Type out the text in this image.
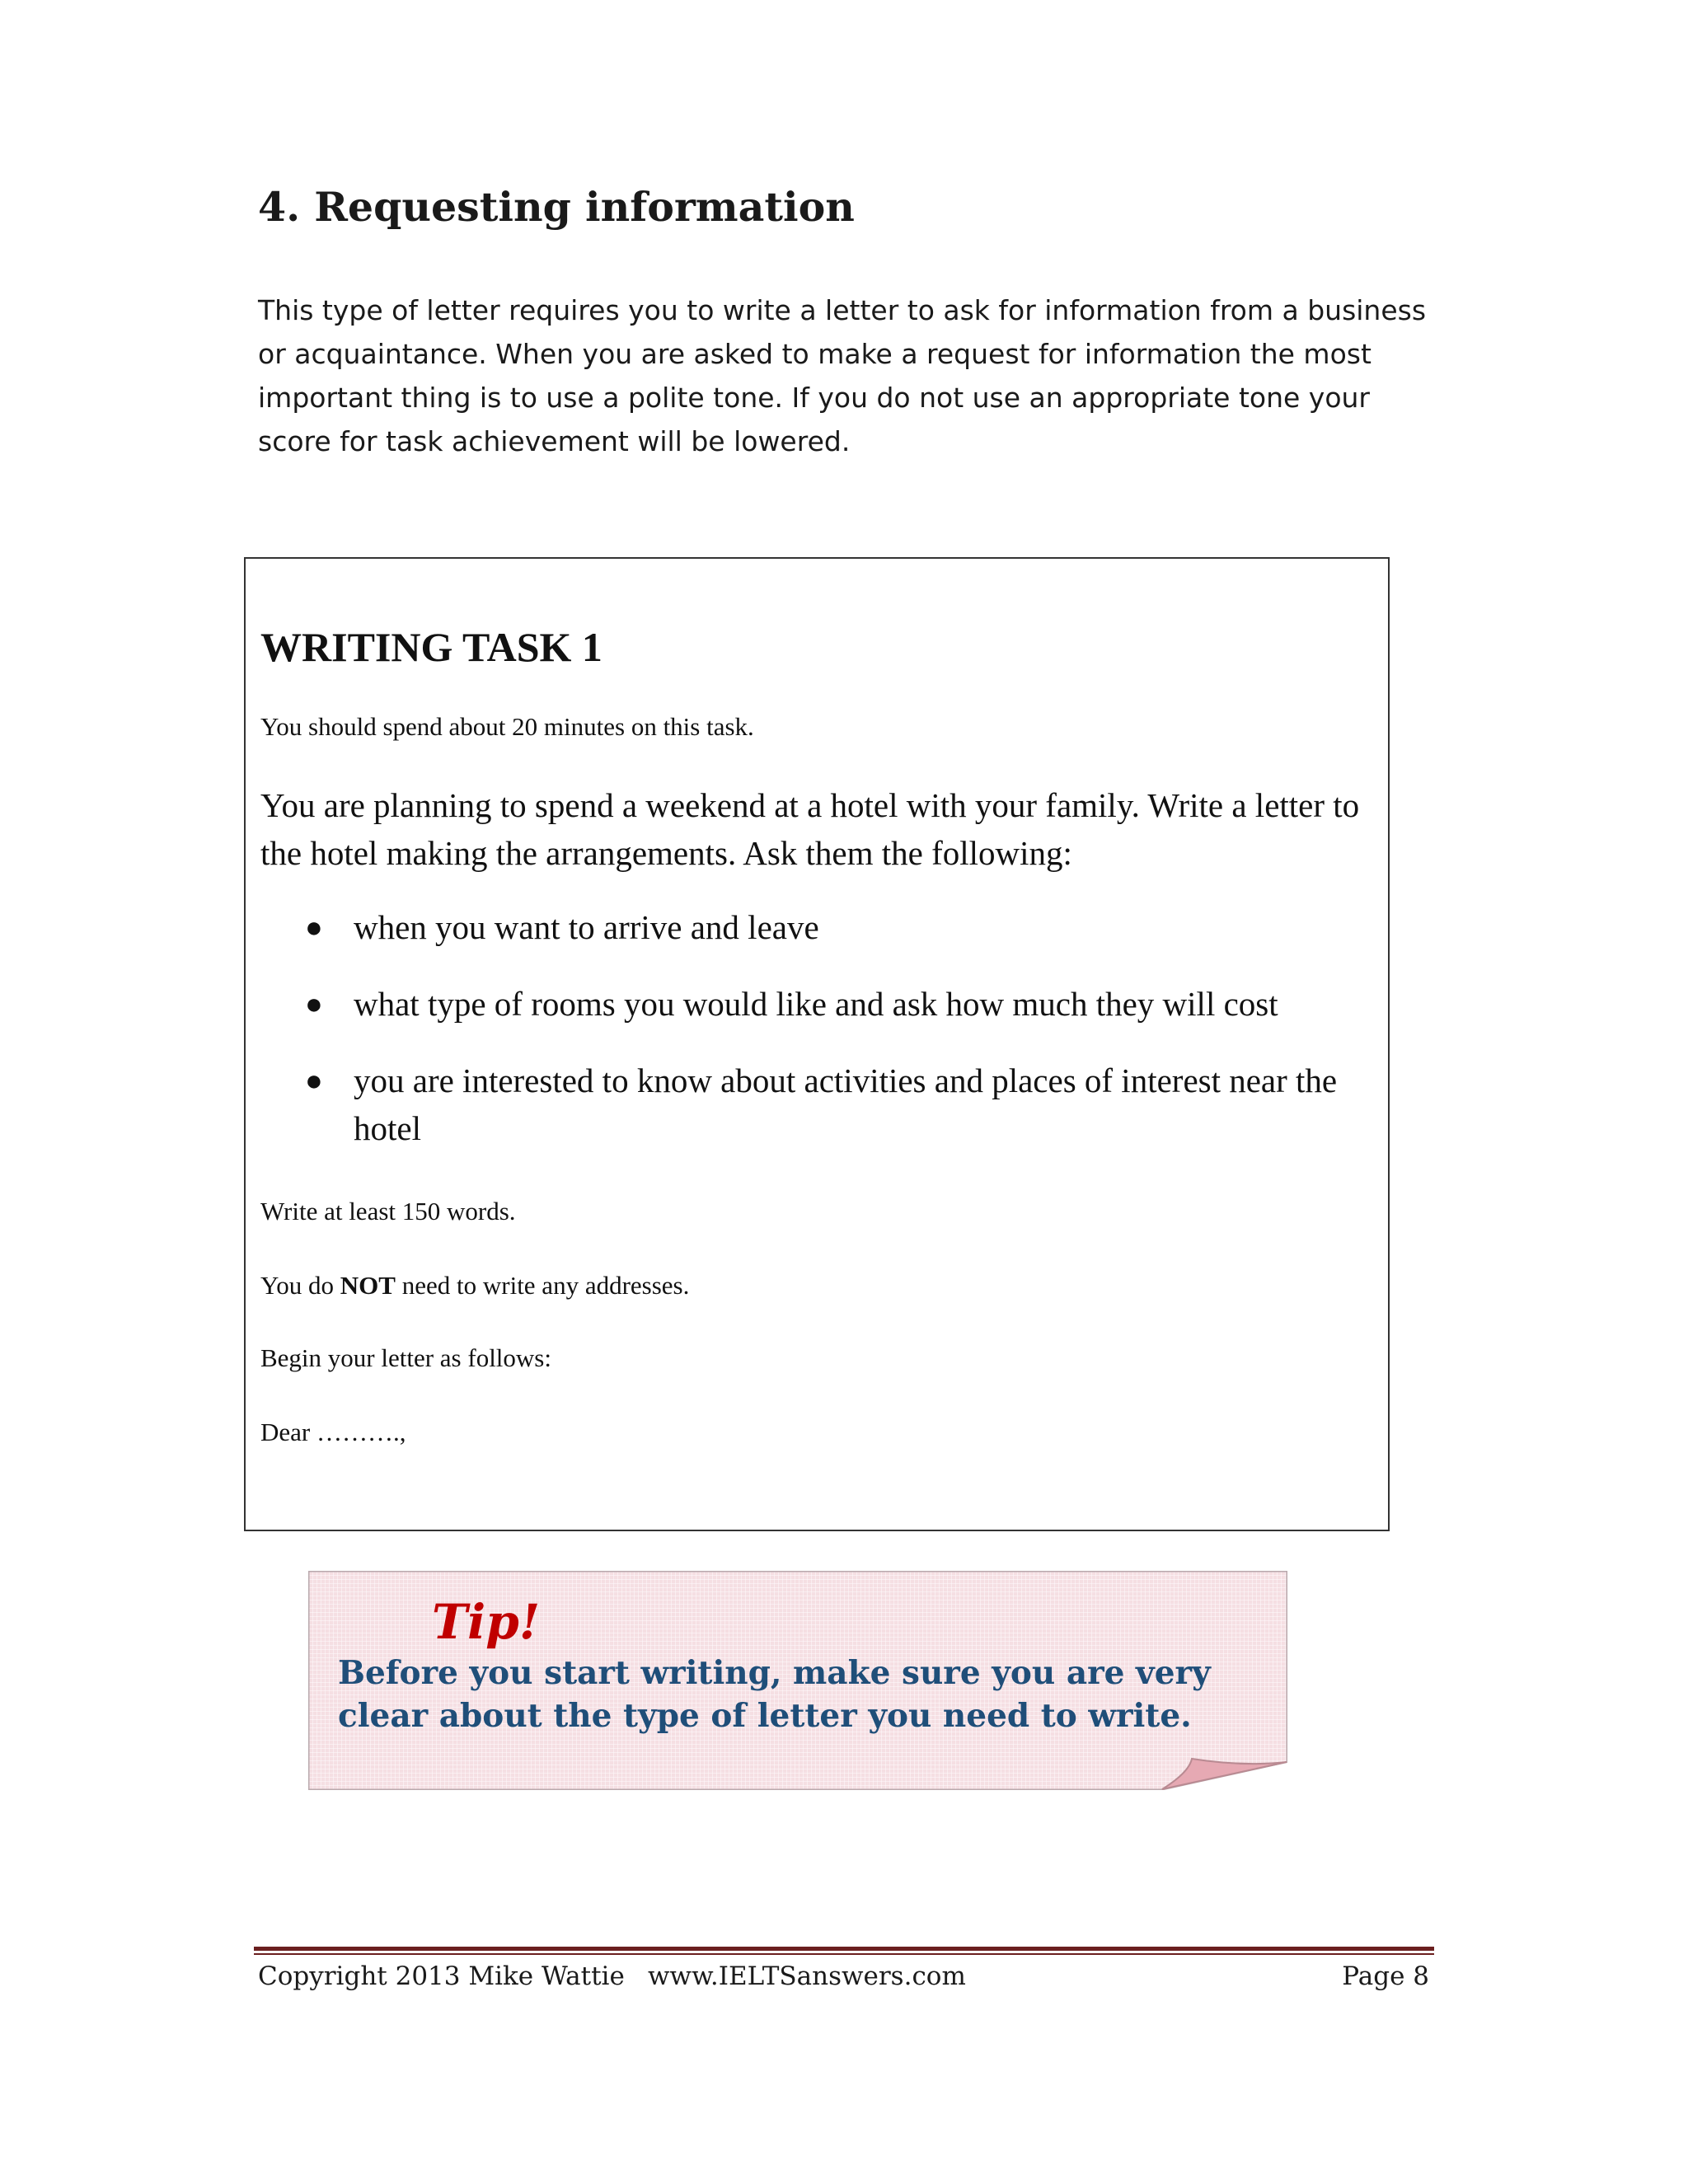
4. Requesting information

This type of letter requires you to write a letter to ask for information from a business or acquaintance. When you are asked to make a request for information the most important thing is to use a polite tone. If you do not use an appropriate tone your score for task achievement will be lowered.

WRITING TASK 1

You should spend about 20 minutes on this task.

You are planning to spend a weekend at a hotel with your family. Write a letter to the hotel making the arrangements. Ask them the following:

● when you want to arrive and leave
● what type of rooms you would like and ask how much they will cost
● you are interested to know about activities and places of interest near the hotel

Write at least 150 words.

You do NOT need to write any addresses.

Begin your letter as follows:

Dear ……….,

Tip!

Before you start writing, make sure you are very clear about the type of letter you need to write.

Copyright 2013 Mike Wattie www.IELTSanswers.com	Page 8
